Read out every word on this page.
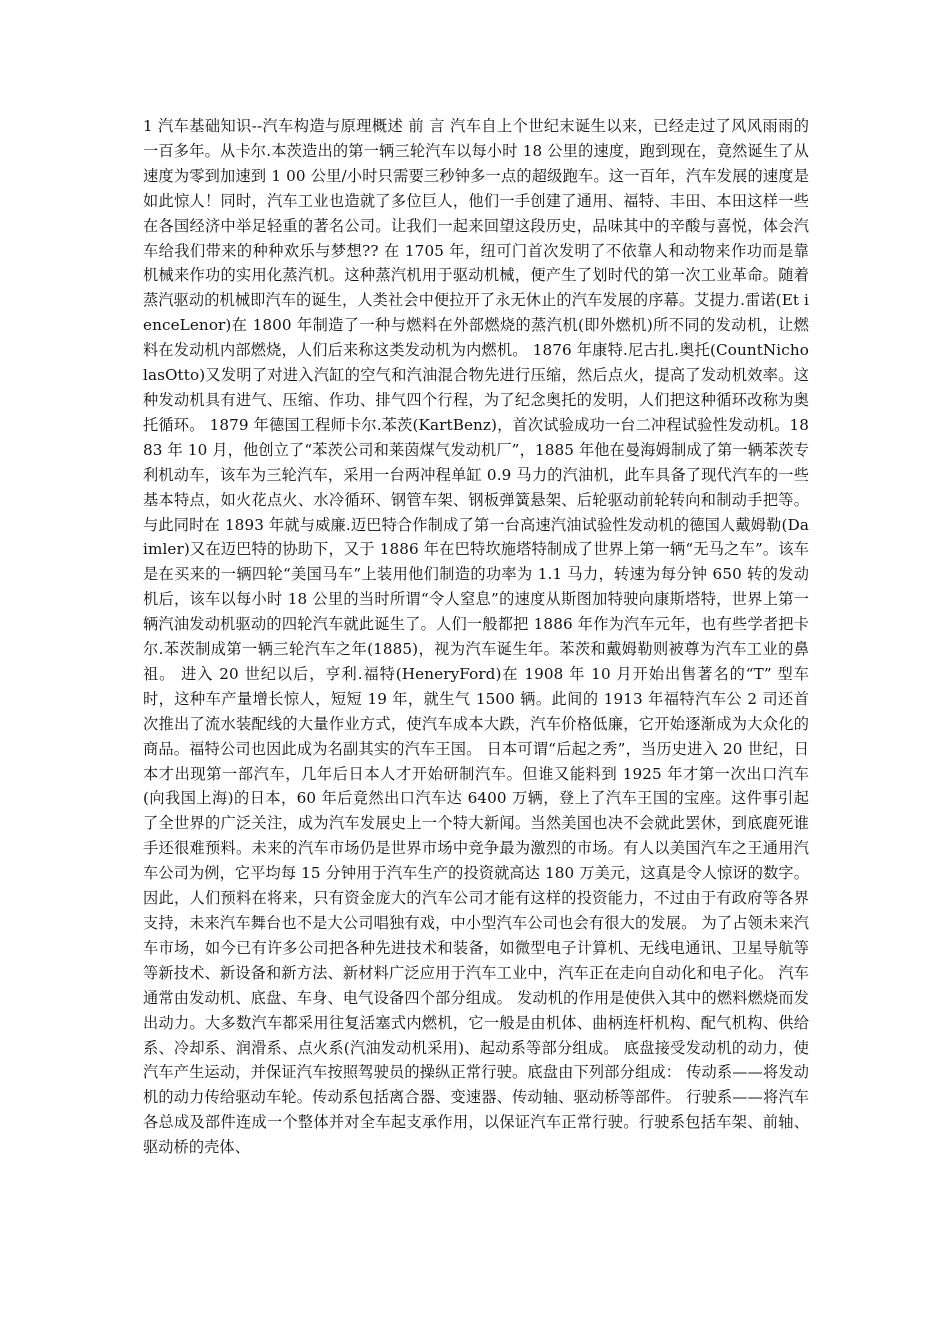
1 汽车基础知识--汽车构造与原理概述 前 言 汽车自上个世纪末诞生以来，已经走过了风风雨雨的一百多年。从卡尔.本茨造出的第一辆三轮汽车以每小时 18 公里的速度，跑到现在，竟然诞生了从速度为零到加速到 1 00 公里/小时只需要三秒钟多一点的超级跑车。这一百年，汽车发展的速度是如此惊人！同时，汽车工业也造就了多位巨人，他们一手创建了通用、福特、丰田、本田这样一些在各国经济中举足轻重的著名公司。让我们一起来回望这段历史，品味其中的辛酸与喜悦，体会汽车给我们带来的种种欢乐与梦想?? 在 1705 年，纽可门首次发明了不依靠人和动物来作功而是靠机械来作功的实用化蒸汽机。这种蒸汽机用于驱动机械，便产生了划时代的第一次工业革命。随着蒸汽驱动的机械即汽车的诞生，人类社会中便拉开了永无休止的汽车发展的序幕。艾提力.雷诺(Et ienceLenor)在 1800 年制造了一种与燃料在外部燃烧的蒸汽机(即外燃机)所不同的发动机，让燃料在发动机内部燃烧，人们后来称这类发动机为内燃机。 1876 年康特.尼古扎.奥托(CountNicholasOtto)又发明了对进入汽缸的空气和汽油混合物先进行压缩，然后点火，提高了发动机效率。这种发动机具有进气、压缩、作功、排气四个行程，为了纪念奥托的发明，人们把这种循环改称为奥托循环。 1879 年德国工程师卡尔.苯茨(KartBenz)，首次试验成功一台二冲程试验性发动机。1883 年 10 月，他创立了“苯茨公司和莱茵煤气发动机厂”，1885 年他在曼海姆制成了第一辆苯茨专利机动车，该车为三轮汽车，采用一台两冲程单缸 0.9 马力的汽油机，此车具备了现代汽车的一些基本特点，如火花点火、水冷循环、钢管车架、钢板弹簧悬架、后轮驱动前轮转向和制动手把等。与此同时在 1893 年就与威廉.迈巴特合作制成了第一台高速汽油试验性发动机的德国人戴姆勒(Daimler)又在迈巴特的协助下，又于 1886 年在巴特坎施塔特制成了世界上第一辆“无马之车”。该车是在买来的一辆四轮“美国马车”上装用他们制造的功率为 1.1 马力，转速为每分钟 650 转的发动机后，该车以每小时 18 公里的当时所谓“令人窒息”的速度从斯图加特驶向康斯塔特，世界上第一辆汽油发动机驱动的四轮汽车就此诞生了。人们一般都把 1886 年作为汽车元年，也有些学者把卡尔.苯茨制成第一辆三轮汽车之年(1885)，视为汽车诞生年。苯茨和戴姆勒则被尊为汽车工业的鼻祖。 进入 20 世纪以后，亨利.福特(HeneryFord)在 1908 年 10 月开始出售著名的“T” 型车时，这种车产量增长惊人，短短 19 年，就生气 1500 辆。此间的 1913 年福特汽车公 2 司还首次推出了流水装配线的大量作业方式，使汽车成本大跌，汽车价格低廉，它开始逐渐成为大众化的商品。福特公司也因此成为名副其实的汽车王国。 日本可谓“后起之秀”，当历史进入 20 世纪，日本才出现第一部汽车，几年后日本人才开始研制汽车。但谁又能料到 1925 年才第一次出口汽车(向我国上海)的日本，60 年后竟然出口汽车达 6400 万辆，登上了汽车王国的宝座。这件事引起了全世界的广泛关注，成为汽车发展史上一个特大新闻。当然美国也决不会就此罢休，到底鹿死谁手还很难预料。未来的汽车市场仍是世界市场中竞争最为激烈的市场。有人以美国汽车之王通用汽车公司为例，它平均每 15 分钟用于汽车生产的投资就高达 180 万美元，这真是令人惊讶的数字。因此，人们预料在将来，只有资金庞大的汽车公司才能有这样的投资能力，不过由于有政府等各界支持，未来汽车舞台也不是大公司唱独有戏，中小型汽车公司也会有很大的发展。 为了占领未来汽车市场，如今已有许多公司把各种先进技术和装备，如微型电子计算机、无线电通讯、卫星导航等等新技术、新设备和新方法、新材料广泛应用于汽车工业中，汽车正在走向自动化和电子化。 汽车通常由发动机、底盘、车身、电气设备四个部分组成。 发动机的作用是使供入其中的燃料燃烧而发出动力。大多数汽车都采用往复活塞式内燃机，它一般是由机体、曲柄连杆机构、配气机构、供给系、冷却系、润滑系、点火系(汽油发动机采用)、起动系等部分组成。 底盘接受发动机的动力，使汽车产生运动，并保证汽车按照驾驶员的操纵正常行驶。底盘由下列部分组成： 传动系——将发动机的动力传给驱动车轮。传动系包括离合器、变速器、传动轴、驱动桥等部件。 行驶系——将汽车各总成及部件连成一个整体并对全车起支承作用，以保证汽车正常行驶。行驶系包括车架、前轴、驱动桥的壳体、
